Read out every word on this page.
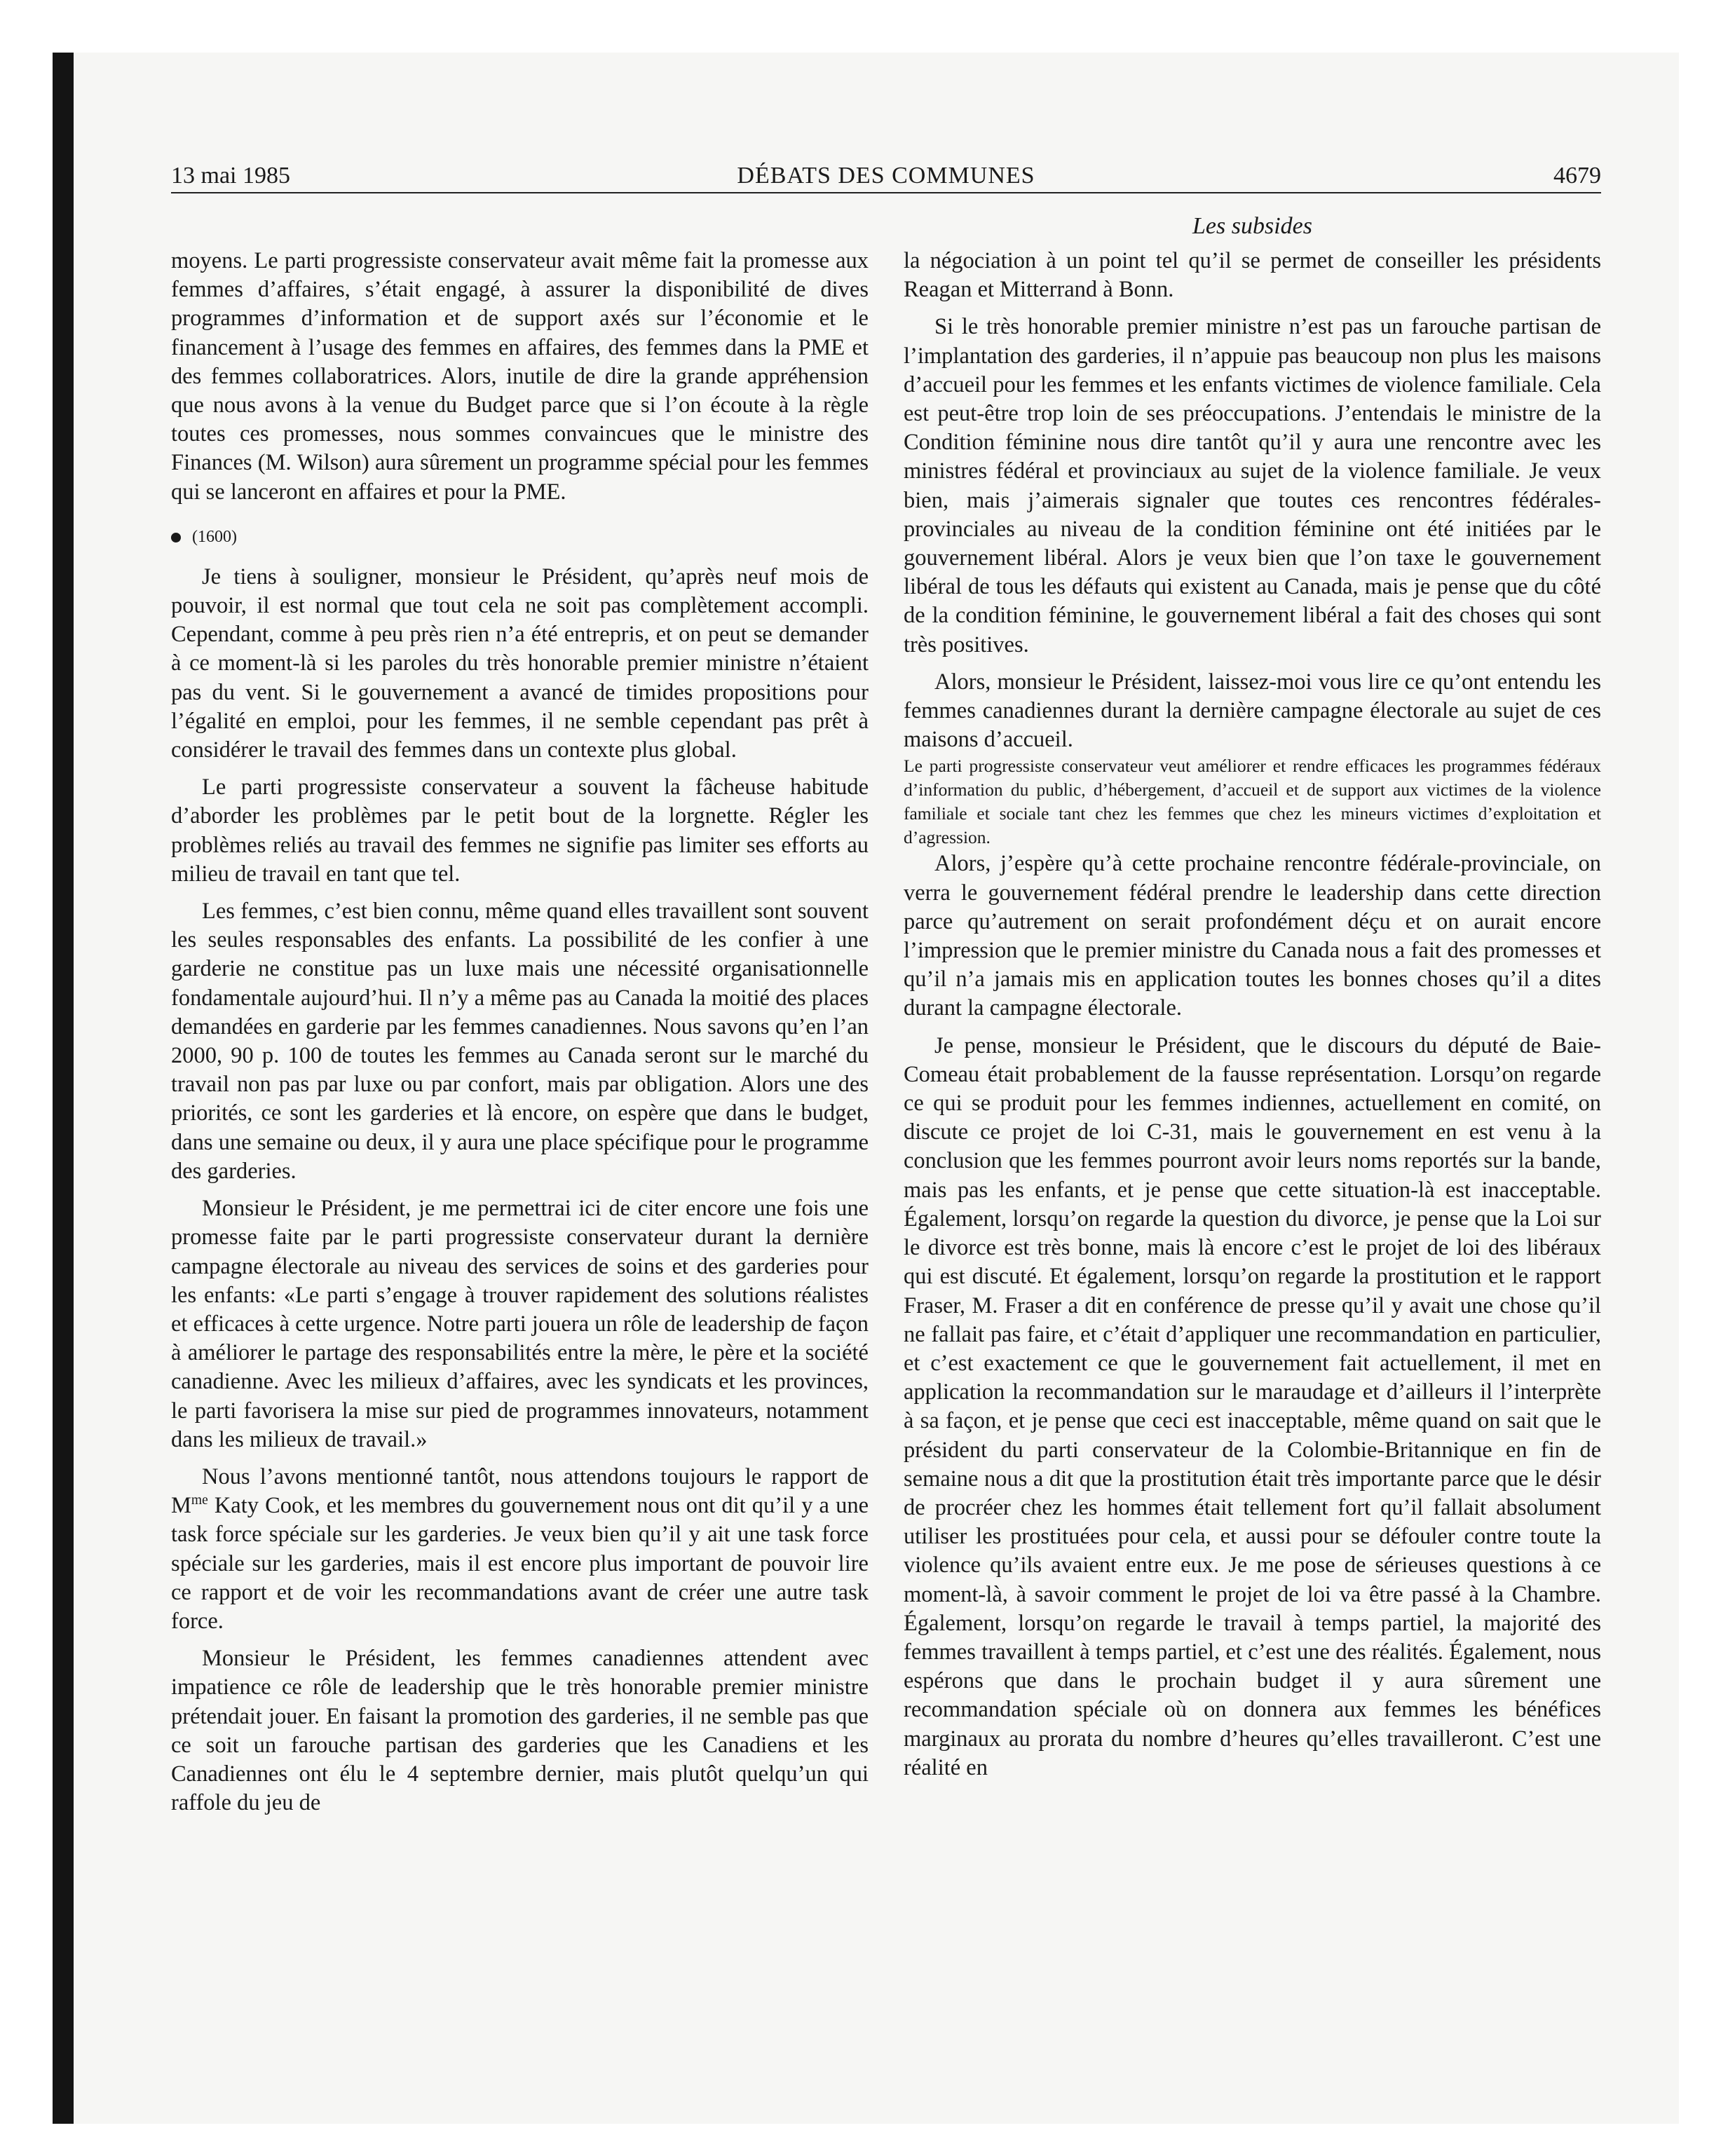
13 mai 1985	DÉBATS DES COMMUNES	4679
Les subsides

moyens. Le parti progressiste conservateur avait même fait la promesse aux femmes d’affaires, s’était engagé, à assurer la disponibilité de dives programmes d’information et de support axés sur l’économie et le financement à l’usage des femmes en affaires, des femmes dans la PME et des femmes collaboratrices. Alors, inutile de dire la grande appréhension que nous avons à la venue du Budget parce que si l’on écoute à la règle toutes ces promesses, nous sommes convaincues que le ministre des Finances (M. Wilson) aura sûrement un programme spécial pour les femmes qui se lanceront en affaires et pour la PME.

(1600)

Je tiens à souligner, monsieur le Président, qu’après neuf mois de pouvoir, il est normal que tout cela ne soit pas complètement accompli. Cependant, comme à peu près rien n’a été entrepris, et on peut se demander à ce moment-là si les paroles du très honorable premier ministre n’étaient pas du vent. Si le gouvernement a avancé de timides propositions pour l’égalité en emploi, pour les femmes, il ne semble cependant pas prêt à considérer le travail des femmes dans un contexte plus global.

Le parti progressiste conservateur a souvent la fâcheuse habitude d’aborder les problèmes par le petit bout de la lorgnette. Régler les problèmes reliés au travail des femmes ne signifie pas limiter ses efforts au milieu de travail en tant que tel.

Les femmes, c’est bien connu, même quand elles travaillent sont souvent les seules responsables des enfants. La possibilité de les confier à une garderie ne constitue pas un luxe mais une nécessité organisationnelle fondamentale aujourd’hui. Il n’y a même pas au Canada la moitié des places demandées en garderie par les femmes canadiennes. Nous savons qu’en l’an 2000, 90 p. 100 de toutes les femmes au Canada seront sur le marché du travail non pas par luxe ou par confort, mais par obligation. Alors une des priorités, ce sont les garderies et là encore, on espère que dans le budget, dans une semaine ou deux, il y aura une place spécifique pour le programme des garderies.

Monsieur le Président, je me permettrai ici de citer encore une fois une promesse faite par le parti progressiste conservateur durant la dernière campagne électorale au niveau des services de soins et des garderies pour les enfants: «Le parti s’engage à trouver rapidement des solutions réalistes et efficaces à cette urgence. Notre parti jouera un rôle de leadership de façon à améliorer le partage des responsabilités entre la mère, le père et la société canadienne. Avec les milieux d’affaires, avec les syndicats et les provinces, le parti favorisera la mise sur pied de programmes innovateurs, notamment dans les milieux de travail.»

Nous l’avons mentionné tantôt, nous attendons toujours le rapport de $M^{me}$ Katy Cook, et les membres du gouvernement nous ont dit qu’il y a une task force spéciale sur les garderies. Je veux bien qu’il y ait une task force spéciale sur les garderies, mais il est encore plus important de pouvoir lire ce rapport et de voir les recommandations avant de créer une autre task force.

Monsieur le Président, les femmes canadiennes attendent avec impatience ce rôle de leadership que le très honorable premier ministre prétendait jouer. En faisant la promotion des garderies, il ne semble pas que ce soit un farouche partisan des garderies que les Canadiens et les Canadiennes ont élu le 4 septembre dernier, mais plutôt quelqu’un qui raffole du jeu de

la négociation à un point tel qu’il se permet de conseiller les présidents Reagan et Mitterrand à Bonn.

Si le très honorable premier ministre n’est pas un farouche partisan de l’implantation des garderies, il n’appuie pas beaucoup non plus les maisons d’accueil pour les femmes et les enfants victimes de violence familiale. Cela est peut-être trop loin de ses préoccupations. J’entendais le ministre de la Condition féminine nous dire tantôt qu’il y aura une rencontre avec les ministres fédéral et provinciaux au sujet de la violence familiale. Je veux bien, mais j’aimerais signaler que toutes ces rencontres fédérales-provinciales au niveau de la condition féminine ont été initiées par le gouvernement libéral. Alors je veux bien que l’on taxe le gouvernement libéral de tous les défauts qui existent au Canada, mais je pense que du côté de la condition féminine, le gouvernement libéral a fait des choses qui sont très positives.

Alors, monsieur le Président, laissez-moi vous lire ce qu’ont entendu les femmes canadiennes durant la dernière campagne électorale au sujet de ces maisons d’accueil.

Le parti progressiste conservateur veut améliorer et rendre efficaces les programmes fédéraux d’information du public, d’hébergement, d’accueil et de support aux victimes de la violence familiale et sociale tant chez les femmes que chez les mineurs victimes d’exploitation et d’agression.

Alors, j’espère qu’à cette prochaine rencontre fédérale-provinciale, on verra le gouvernement fédéral prendre le leadership dans cette direction parce qu’autrement on serait profondément déçu et on aurait encore l’impression que le premier ministre du Canada nous a fait des promesses et qu’il n’a jamais mis en application toutes les bonnes choses qu’il a dites durant la campagne électorale.

Je pense, monsieur le Président, que le discours du député de Baie-Comeau était probablement de la fausse représentation. Lorsqu’on regarde ce qui se produit pour les femmes indiennes, actuellement en comité, on discute ce projet de loi C-31, mais le gouvernement en est venu à la conclusion que les femmes pourront avoir leurs noms reportés sur la bande, mais pas les enfants, et je pense que cette situation-là est inacceptable. Également, lorsqu’on regarde la question du divorce, je pense que la Loi sur le divorce est très bonne, mais là encore c’est le projet de loi des libéraux qui est discuté. Et également, lorsqu’on regarde la prostitution et le rapport Fraser, M. Fraser a dit en conférence de presse qu’il y avait une chose qu’il ne fallait pas faire, et c’était d’appliquer une recommandation en particulier, et c’est exactement ce que le gouvernement fait actuellement, il met en application la recommandation sur le maraudage et d’ailleurs il l’interprète à sa façon, et je pense que ceci est inacceptable, même quand on sait que le président du parti conservateur de la Colombie-Britannique en fin de semaine nous a dit que la prostitution était très importante parce que le désir de procréer chez les hommes était tellement fort qu’il fallait absolument utiliser les prostituées pour cela, et aussi pour se défouler contre toute la violence qu’ils avaient entre eux. Je me pose de sérieuses questions à ce moment-là, à savoir comment le projet de loi va être passé à la Chambre. Également, lorsqu’on regarde le travail à temps partiel, la majorité des femmes travaillent à temps partiel, et c’est une des réalités. Également, nous espérons que dans le prochain budget il y aura sûrement une recommandation spéciale où on donnera aux femmes les bénéfices marginaux au prorata du nombre d’heures qu’elles travailleront. C’est une réalité en
